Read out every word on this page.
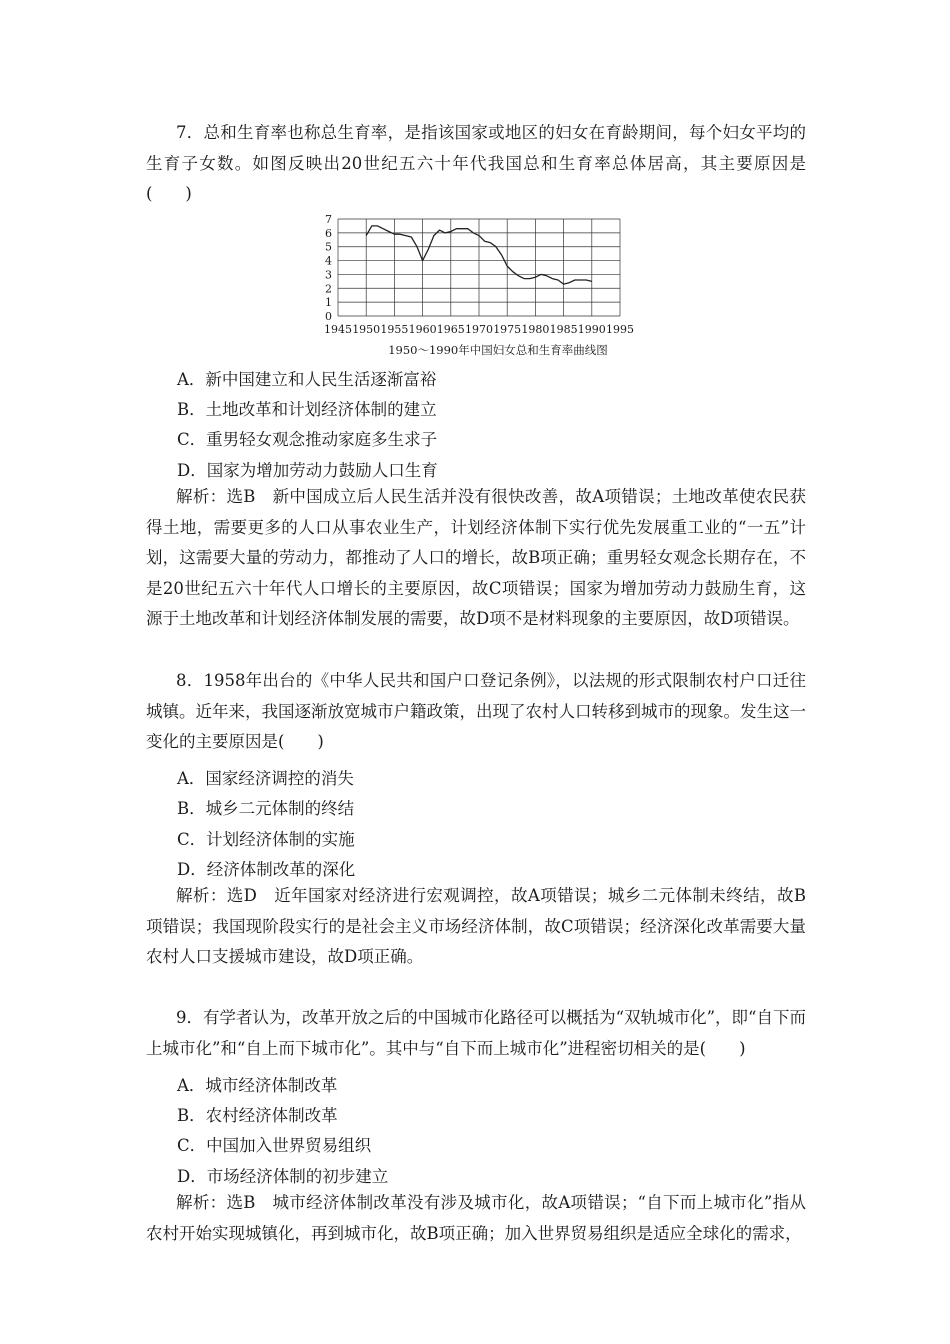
7．总和生育率也称总生育率，是指该国家或地区的妇女在育龄期间，每个妇女平均的生育子女数。如图反映出20世纪五六十年代我国总和生育率总体居高，其主要原因是(　　)

0
1
2
3
4
5
6
7
1945 1950 1955 1960 1965 1970 1975 1980 1985 1990 1995
1950～1990年中国妇女总和生育率曲线图

A．新中国建立和人民生活逐渐富裕

B．土地改革和计划经济体制的建立

C．重男轻女观念推动家庭多生求子

D．国家为增加劳动力鼓励人口生育

解析：选B　新中国成立后人民生活并没有很快改善，故A项错误；土地改革使农民获得土地，需要更多的人口从事农业生产，计划经济体制下实行优先发展重工业的“一五”计划，这需要大量的劳动力，都推动了人口的增长，故B项正确；重男轻女观念长期存在，不是20世纪五六十年代人口增长的主要原因，故C项错误；国家为增加劳动力鼓励生育，这源于土地改革和计划经济体制发展的需要，故D项不是材料现象的主要原因，故D项错误。

8．1958年出台的《中华人民共和国户口登记条例》，以法规的形式限制农村户口迁往城镇。近年来，我国逐渐放宽城市户籍政策，出现了农村人口转移到城市的现象。发生这一变化的主要原因是(　　)

A．国家经济调控的消失

B．城乡二元体制的终结

C．计划经济体制的实施

D．经济体制改革的深化

解析：选D　近年国家对经济进行宏观调控，故A项错误；城乡二元体制未终结，故B项错误；我国现阶段实行的是社会主义市场经济体制，故C项错误；经济深化改革需要大量农村人口支援城市建设，故D项正确。

9．有学者认为，改革开放之后的中国城市化路径可以概括为“双轨城市化”，即“自下而上城市化”和“自上而下城市化”。其中与“自下而上城市化”进程密切相关的是(　　)

A．城市经济体制改革

B．农村经济体制改革

C．中国加入世界贸易组织

D．市场经济体制的初步建立

解析：选B　城市经济体制改革没有涉及城市化，故A项错误；“自下而上城市化”指从农村开始实现城镇化，再到城市化，故B项正确；加入世界贸易组织是适应全球化的需求，
